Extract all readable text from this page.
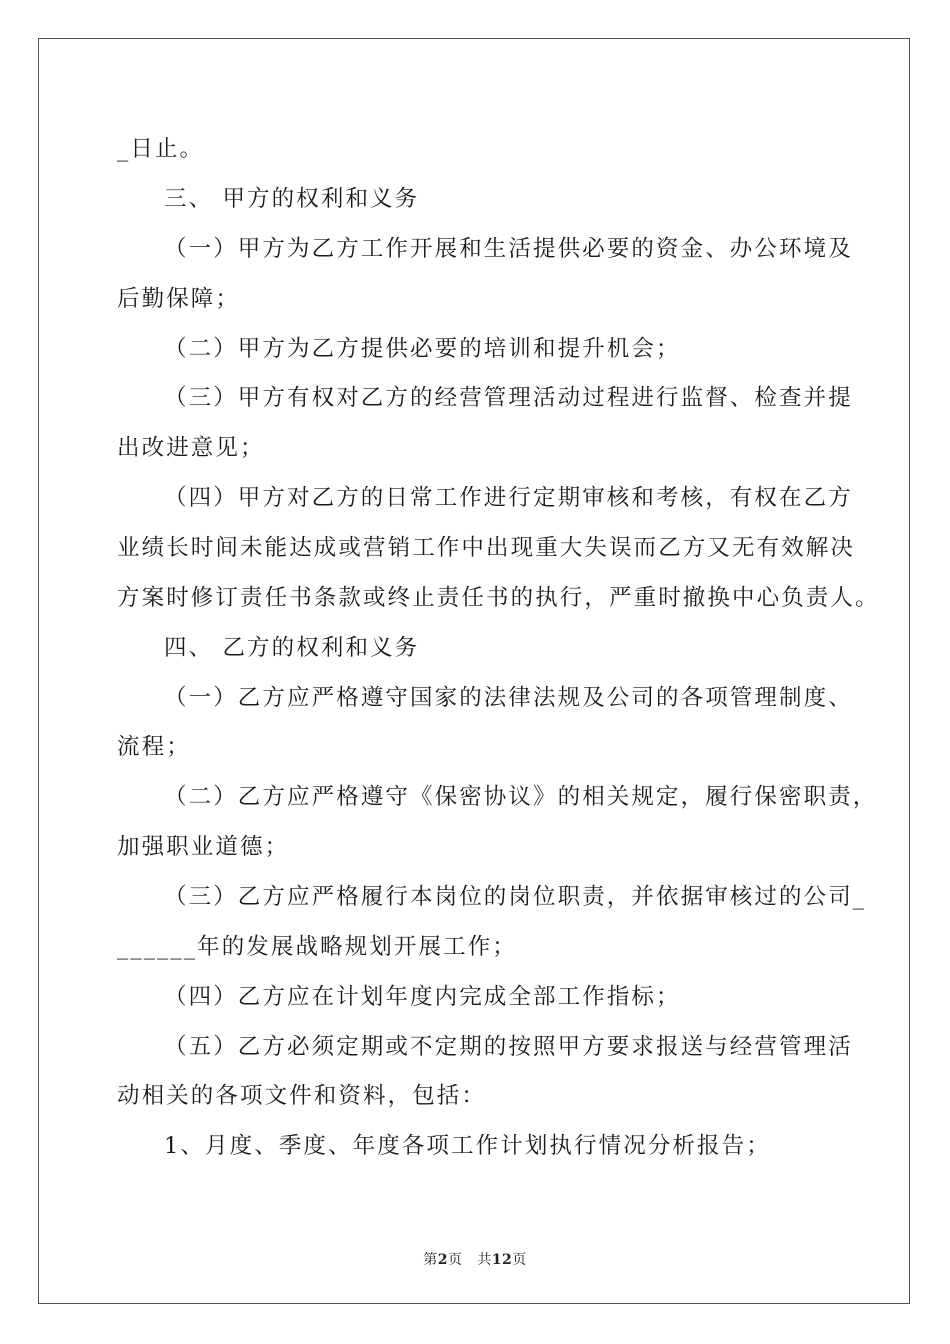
_日止。
三、 甲方的权利和义务
（一）甲方为乙方工作开展和生活提供必要的资金、办公环境及
后勤保障；
（二）甲方为乙方提供必要的培训和提升机会；
（三）甲方有权对乙方的经营管理活动过程进行监督、检查并提
出改进意见；
（四）甲方对乙方的日常工作进行定期审核和考核，有权在乙方
业绩长时间未能达成或营销工作中出现重大失误而乙方又无有效解决
方案时修订责任书条款或终止责任书的执行，严重时撤换中心负责人。
四、 乙方的权利和义务
（一）乙方应严格遵守国家的法律法规及公司的各项管理制度、
流程；
（二）乙方应严格遵守《保密协议》的相关规定，履行保密职责，
加强职业道德；
（三）乙方应严格履行本岗位的岗位职责，并依据审核过的公司_
______年的发展战略规划开展工作；
（四）乙方应在计划年度内完成全部工作指标；
（五）乙方必须定期或不定期的按照甲方要求报送与经营管理活
动相关的各项文件和资料，包括：
1、月度、季度、年度各项工作计划执行情况分析报告；
第2页 共12页
